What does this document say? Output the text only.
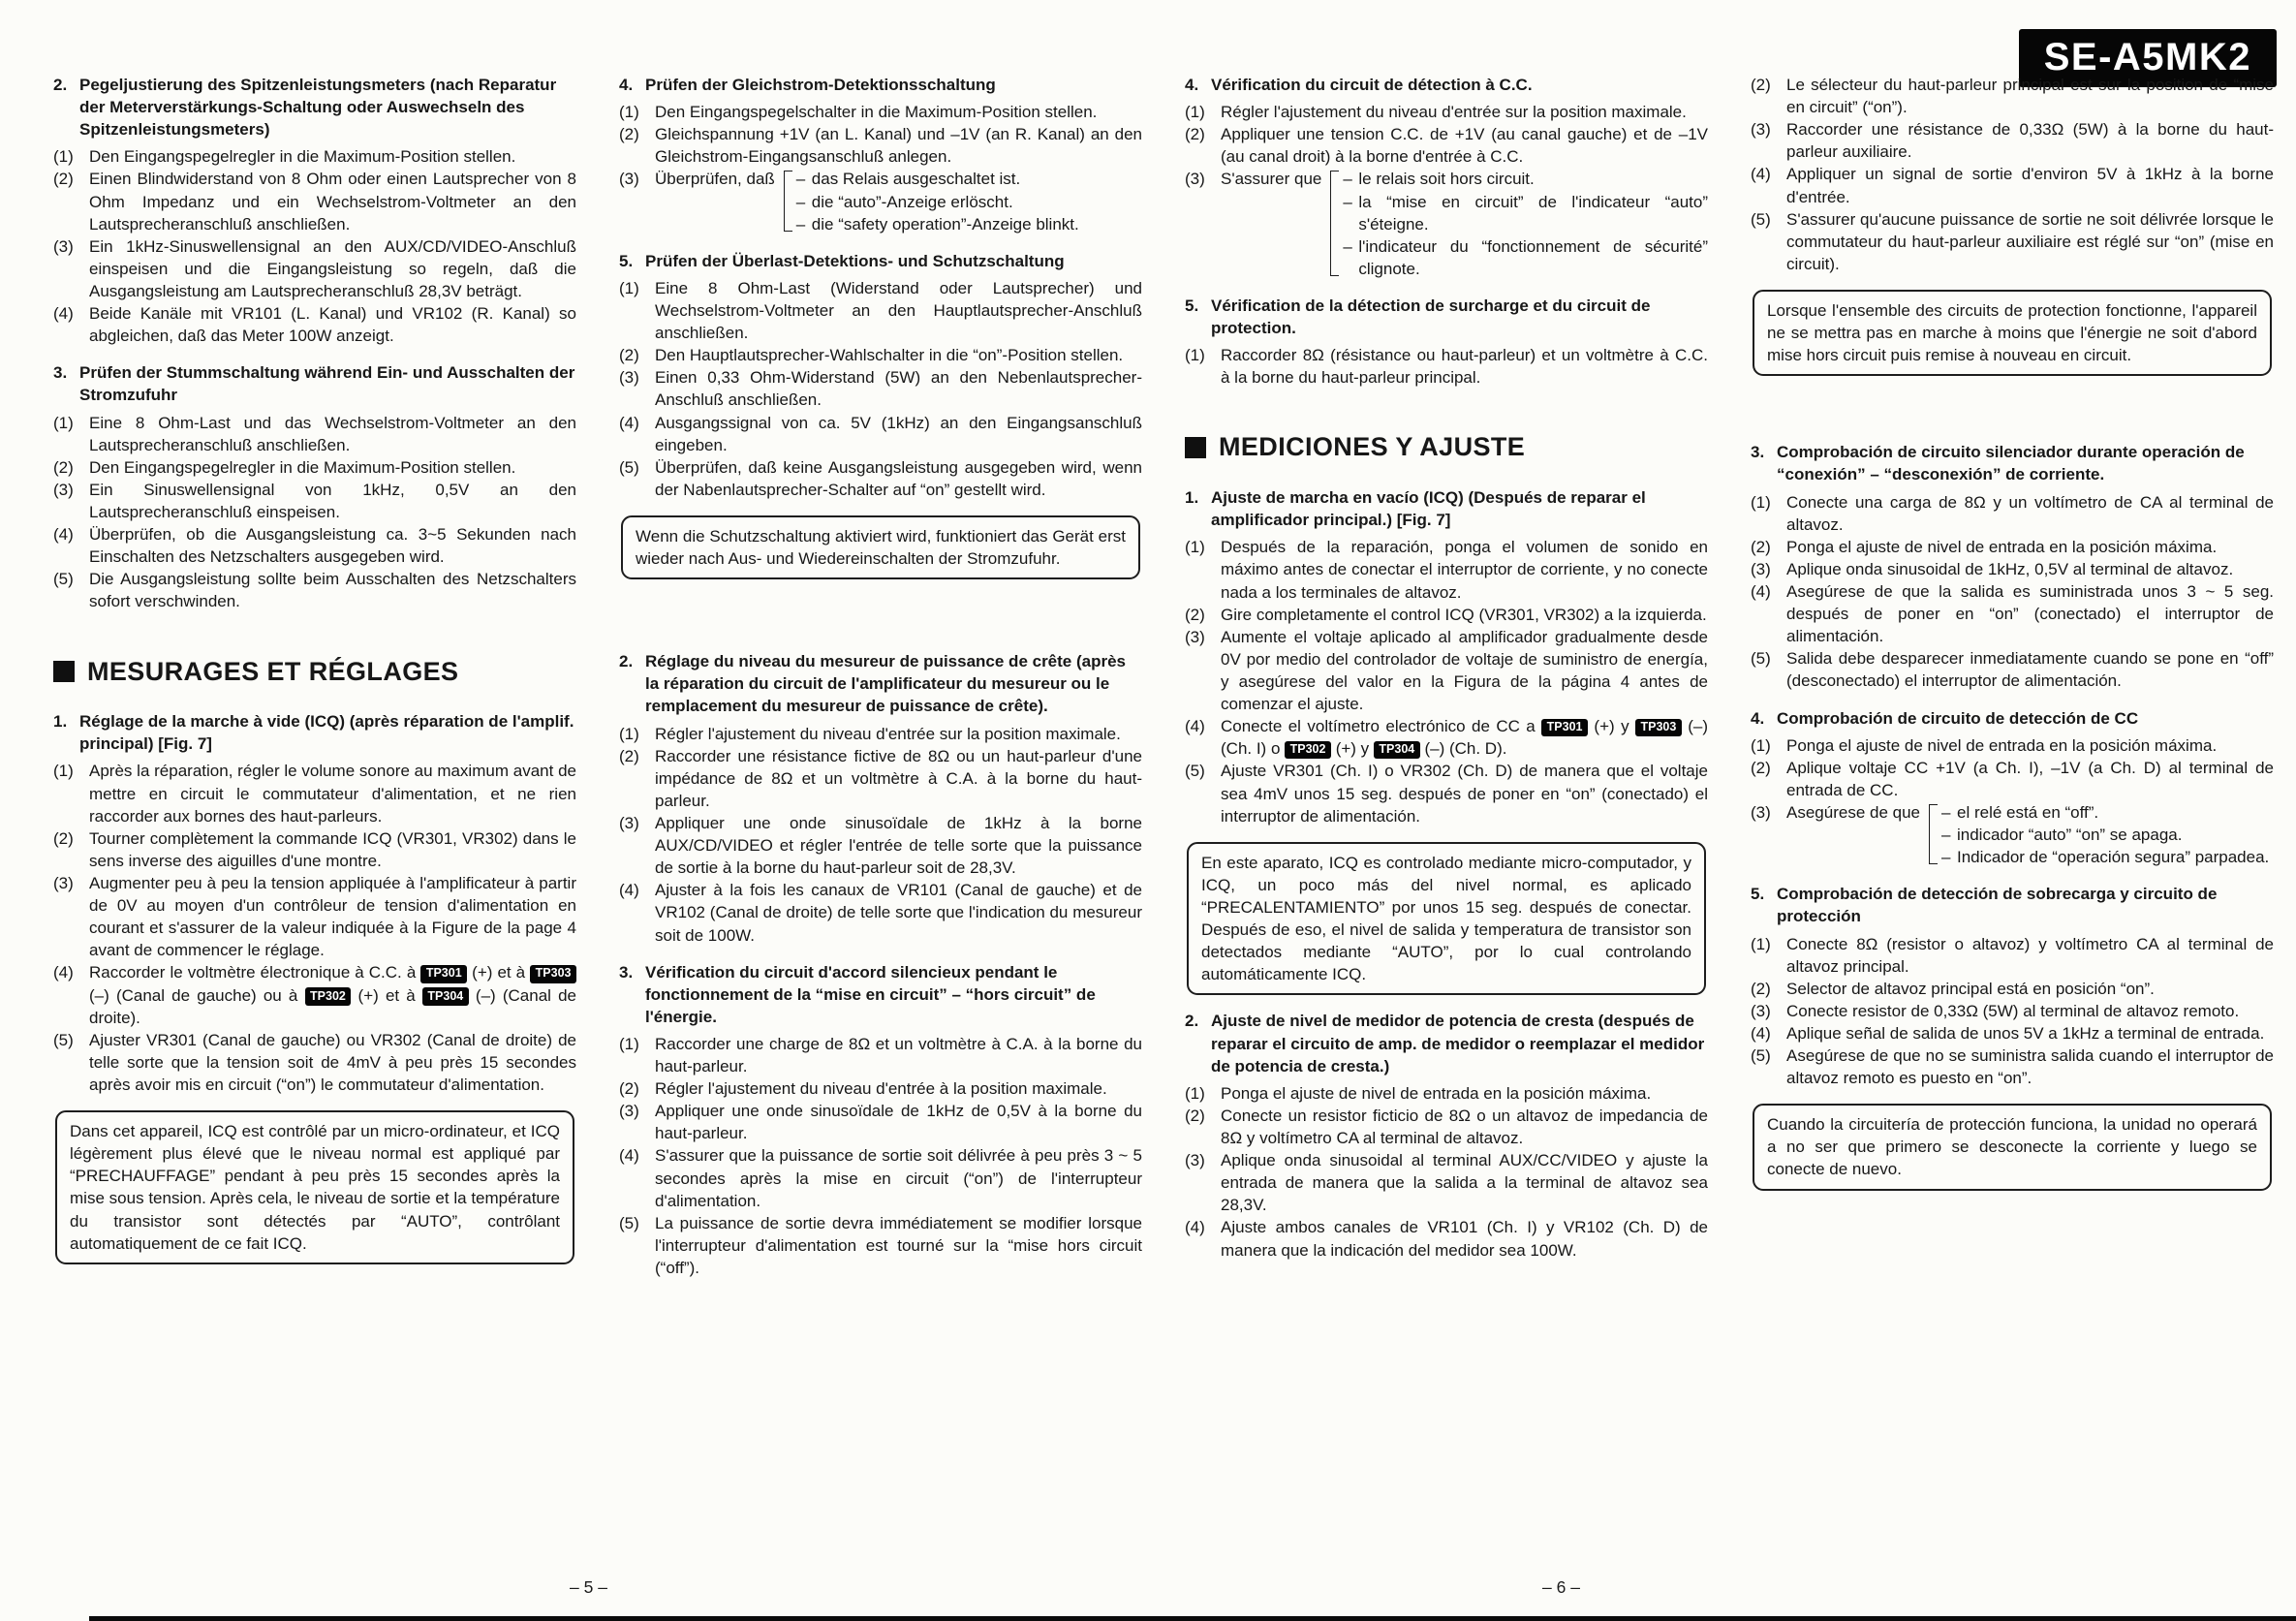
SE-A5MK2
2. Pegeljustierung des Spitzenleistungsmeters (nach Reparatur der Meterverstärkungs-Schaltung oder Auswechseln des Spitzenleistungsmeters)
(1) Den Eingangspegelregler in die Maximum-Position stellen.
(2) Einen Blindwiderstand von 8 Ohm oder einen Lautsprecher von 8 Ohm Impedanz und ein Wechselstrom-Voltmeter an den Lautsprecheranschluß anschließen.
(3) Ein 1kHz-Sinuswellensignal an den AUX/CD/VIDEO-Anschluß einspeisen und die Eingangsleistung so regeln, daß die Ausgangsleistung am Lautsprecheranschluß 28,3V beträgt.
(4) Beide Kanäle mit VR101 (L. Kanal) und VR102 (R. Kanal) so abgleichen, daß das Meter 100W anzeigt.
3. Prüfen der Stummschaltung während Ein- und Ausschalten der Stromzufuhr
(1) Eine 8 Ohm-Last und das Wechselstrom-Voltmeter an den Lautsprecheranschluß anschließen.
(2) Den Eingangspegelregler in die Maximum-Position stellen.
(3) Ein Sinuswellensignal von 1kHz, 0,5V an den Lautsprecheranschluß einspeisen.
(4) Überprüfen, ob die Ausgangsleistung ca. 3~5 Sekunden nach Einschalten des Netzschalters ausgegeben wird.
(5) Die Ausgangsleistung sollte beim Ausschalten des Netzschalters sofort verschwinden.
MESURAGES ET RÉGLAGES
1. Réglage de la marche à vide (ICQ) (après réparation de l'amplif. principal) [Fig. 7]
(1) Après la réparation, régler le volume sonore au maximum avant de mettre en circuit le commutateur d'alimentation, et ne rien raccorder aux bornes des haut-parleurs.
(2) Tourner complètement la commande ICQ (VR301, VR302) dans le sens inverse des aiguilles d'une montre.
(3) Augmenter peu à peu la tension appliquée à l'amplificateur à partir de 0V au moyen d'un contrôleur de tension d'alimentation en courant et s'assurer de la valeur indiquée à la Figure de la page 4 avant de commencer le réglage.
(4) Raccorder le voltmètre électronique à C.C. à TP301 (+) et à TP303 (–) (Canal de gauche) ou à TP302 (+) et à TP304 (–) (Canal de droite).
(5) Ajuster VR301 (Canal de gauche) ou VR302 (Canal de droite) de telle sorte que la tension soit de 4mV à peu près 15 secondes après avoir mis en circuit (“on”) le commutateur d'alimentation.
Dans cet appareil, ICQ est contrôlé par un micro-ordinateur, et ICQ légèrement plus élevé que le niveau normal est appliqué par “PRECHAUFFAGE” pendant à peu près 15 secondes après la mise sous tension. Après cela, le niveau de sortie et la température du transistor sont détectés par “AUTO”, contrôlant automatiquement de ce fait ICQ.
4. Prüfen der Gleichstrom-Detektionsschaltung
(1) Den Eingangspegelschalter in die Maximum-Position stellen.
(2) Gleichspannung +1V (an L. Kanal) und –1V (an R. Kanal) an den Gleichstrom-Eingangsanschluß anlegen.
(3) Überprüfen, daß – das Relais ausgeschaltet ist.
– die “auto”-Anzeige erlöscht.
– die “safety operation”-Anzeige blinkt.
5. Prüfen der Überlast-Detektions- und Schutzschaltung
(1) Eine 8 Ohm-Last (Widerstand oder Lautsprecher) und Wechselstrom-Voltmeter an den Hauptlautsprecher-Anschluß anschließen.
(2) Den Hauptlautsprecher-Wahlschalter in die “on”-Position stellen.
(3) Einen 0,33 Ohm-Widerstand (5W) an den Nebenlautsprecher-Anschluß anschließen.
(4) Ausgangssignal von ca. 5V (1kHz) an den Eingangsanschluß eingeben.
(5) Überprüfen, daß keine Ausgangsleistung ausgegeben wird, wenn der Nabenlautsprecher-Schalter auf “on” gestellt wird.
Wenn die Schutzschaltung aktiviert wird, funktioniert das Gerät erst wieder nach Aus- und Wiedereinschalten der Stromzufuhr.
2. Réglage du niveau du mesureur de puissance de crête (après la réparation du circuit de l'amplificateur du mesureur ou le remplacement du mesureur de puissance de crête).
(1) Régler l'ajustement du niveau d'entrée sur la position maximale.
(2) Raccorder une résistance fictive de 8Ω ou un haut-parleur d'une impédance de 8Ω et un voltmètre à C.A. à la borne du haut-parleur.
(3) Appliquer une onde sinusoïdale de 1kHz à la borne AUX/CD/VIDEO et régler l'entrée de telle sorte que la puissance de sortie à la borne du haut-parleur soit de 28,3V.
(4) Ajuster à la fois les canaux de VR101 (Canal de gauche) et de VR102 (Canal de droite) de telle sorte que l'indication du mesureur soit de 100W.
3. Vérification du circuit d'accord silencieux pendant le fonctionnement de la “mise en circuit” – “hors circuit” de l'énergie.
(1) Raccorder une charge de 8Ω et un voltmètre à C.A. à la borne du haut-parleur.
(2) Régler l'ajustement du niveau d'entrée à la position maximale.
(3) Appliquer une onde sinusoïdale de 1kHz de 0,5V à la borne du haut-parleur.
(4) S'assurer que la puissance de sortie soit délivrée à peu près 3 ~ 5 secondes après la mise en circuit (“on”) de l'interrupteur d'alimentation.
(5) La puissance de sortie devra immédiatement se modifier lorsque l'interrupteur d'alimentation est tourné sur la “mise hors circuit (“off”).
4. Vérification du circuit de détection à C.C.
(1) Régler l'ajustement du niveau d'entrée sur la position maximale.
(2) Appliquer une tension C.C. de +1V (au canal gauche) et de –1V (au canal droit) à la borne d'entrée à C.C.
(3) S'assurer que – le relais soit hors circuit.
– la “mise en circuit” de l'indicateur “auto” s'éteigne.
– l'indicateur du “fonctionnement de sécurité” clignote.
5. Vérification de la détection de surcharge et du circuit de protection.
(1) Raccorder 8Ω (résistance ou haut-parleur) et un voltmètre à C.C. à la borne du haut-parleur principal.
MEDICIONES Y AJUSTE
1. Ajuste de marcha en vacío (ICQ) (Después de reparar el amplificador principal.) [Fig. 7]
(1) Después de la reparación, ponga el volumen de sonido en máximo antes de conectar el interruptor de corriente, y no conecte nada a los terminales de altavoz.
(2) Gire completamente el control ICQ (VR301, VR302) a la izquierda.
(3) Aumente el voltaje aplicado al amplificador gradualmente desde 0V por medio del controlador de voltaje de suministro de energía, y asegúrese del valor en la Figura de la página 4 antes de comenzar el ajuste.
(4) Conecte el voltímetro electrónico de CC a TP301 (+) y TP303 (–) (Ch. I) o TP302 (+) y TP304 (–) (Ch. D).
(5) Ajuste VR301 (Ch. I) o VR302 (Ch. D) de manera que el voltaje sea 4mV unos 15 seg. después de poner en “on” (conectado) el interruptor de alimentación.
En este aparato, ICQ es controlado mediante micro-computador, y ICQ, un poco más del nivel normal, es aplicado “PRECALENTAMIENTO” por unos 15 seg. después de conectar. Después de eso, el nivel de salida y temperatura de transistor son detectados mediante “AUTO”, por lo cual controlando automáticamente ICQ.
2. Ajuste de nivel de medidor de potencia de cresta (después de reparar el circuito de amp. de medidor o reemplazar el medidor de potencia de cresta.)
(1) Ponga el ajuste de nivel de entrada en la posición máxima.
(2) Conecte un resistor ficticio de 8Ω o un altavoz de impedancia de 8Ω y voltímetro CA al terminal de altavoz.
(3) Aplique onda sinusoidal al terminal AUX/CC/VIDEO y ajuste la entrada de manera que la salida a la terminal de altavoz sea 28,3V.
(4) Ajuste ambos canales de VR101 (Ch. I) y VR102 (Ch. D) de manera que la indicación del medidor sea 100W.
(2) Le sélecteur du haut-parleur principal est sur la position de “mise en circuit” (“on”).
(3) Raccorder une résistance de 0,33Ω (5W) à la borne du haut-parleur auxiliaire.
(4) Appliquer un signal de sortie d'environ 5V à 1kHz à la borne d'entrée.
(5) S'assurer qu'aucune puissance de sortie ne soit délivrée lorsque le commutateur du haut-parleur auxiliaire est réglé sur “on” (mise en circuit).
Lorsque l'ensemble des circuits de protection fonctionne, l'appareil ne se mettra pas en marche à moins que l'énergie ne soit d'abord mise hors circuit puis remise à nouveau en circuit.
3. Comprobación de circuito silenciador durante operación de “conexión” – “desconexión” de corriente.
(1) Conecte una carga de 8Ω y un voltímetro de CA al terminal de altavoz.
(2) Ponga el ajuste de nivel de entrada en la posición máxima.
(3) Aplique onda sinusoidal de 1kHz, 0,5V al terminal de altavoz.
(4) Asegúrese de que la salida es suministrada unos 3 ~ 5 seg. después de poner en “on” (conectado) el interruptor de alimentación.
(5) Salida debe desparecer inmediatamente cuando se pone en “off” (desconectado) el interruptor de alimentación.
4. Comprobación de circuito de detección de CC
(1) Ponga el ajuste de nivel de entrada en la posición máxima.
(2) Aplique voltaje CC +1V (a Ch. I), –1V (a Ch. D) al terminal de entrada de CC.
(3) Asegúrese de que – el relé está en “off”.
– indicador “auto” “on” se apaga.
– Indicador de “operación segura” parpadea.
5. Comprobación de detección de sobrecarga y circuito de protección
(1) Conecte 8Ω (resistor o altavoz) y voltímetro CA al terminal de altavoz principal.
(2) Selector de altavoz principal está en posición “on”.
(3) Conecte resistor de 0,33Ω (5W) al terminal de altavoz remoto.
(4) Aplique señal de salida de unos 5V a 1kHz a terminal de entrada.
(5) Asegúrese de que no se suministra salida cuando el interruptor de altavoz remoto es puesto en “on”.
Cuando la circuitería de protección funciona, la unidad no operará a no ser que primero se desconecte la corriente y luego se conecte de nuevo.
– 5 –	– 6 –
